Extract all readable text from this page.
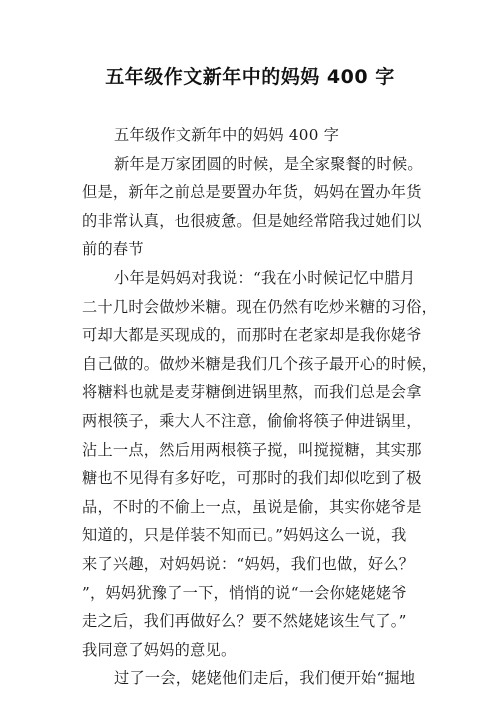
五年级作文新年中的妈妈 400 字
五年级作文新年中的妈妈 400 字
新年是万家团圆的时候，是全家聚餐的时候。
但是，新年之前总是要置办年货，妈妈在置办年货
的非常认真，也很疲惫。但是她经常陪我过她们以
前的春节
小年是妈妈对我说：“我在小时候记忆中腊月
二十几时会做炒米糖。现在仍然有吃炒米糖的习俗，
可却大都是买现成的，而那时在老家却是我你姥爷
自己做的。做炒米糖是我们几个孩子最开心的时候，
将糖料也就是麦芽糖倒进锅里熬，而我们总是会拿
两根筷子，乘大人不注意，偷偷将筷子伸进锅里，
沾上一点，然后用两根筷子搅，叫搅搅糖，其实那
糖也不见得有多好吃，可那时的我们却似吃到了极
品，不时的不偷上一点，虽说是偷，其实你姥爷是
知道的，只是佯装不知而已。”妈妈这么一说，我
来了兴趣，对妈妈说：“妈妈，我们也做，好么？
”，妈妈犹豫了一下，悄悄的说“一会你姥姥姥爷
走之后，我们再做好么？要不然姥姥该生气了。”
我同意了妈妈的意见。
过了一会，姥姥他们走后，我们便开始“掘地
